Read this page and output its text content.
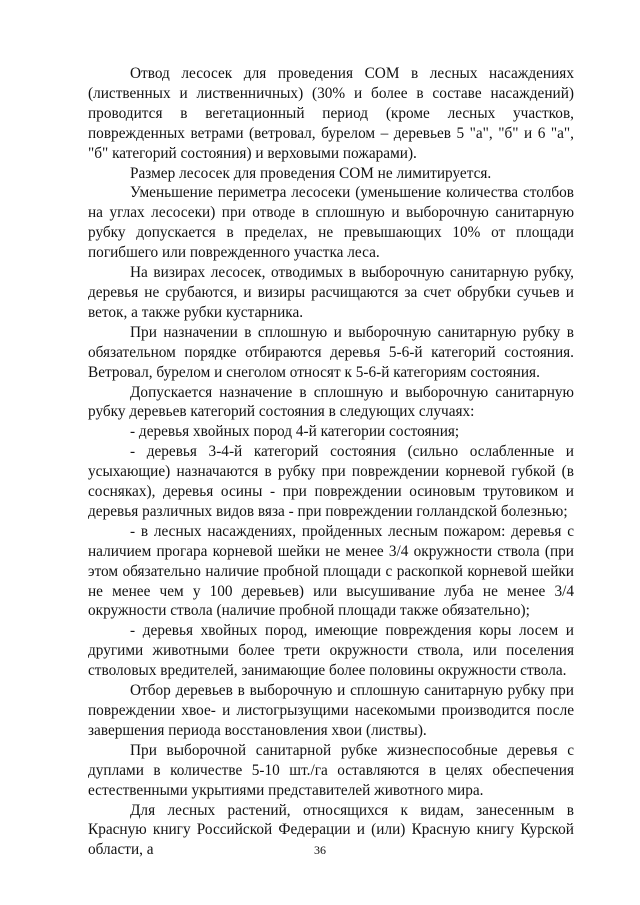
Отвод лесосек для проведения СОМ в лесных насаждениях (лиственных и лиственничных) (30% и более в составе насаждений) проводится в вегетационный период (кроме лесных участков, поврежденных ветрами (ветровал, бурелом – деревьев 5 "а", "б" и 6 "а", "б" категорий состояния) и верховыми пожарами).

Размер лесосек для проведения СОМ не лимитируется.

Уменьшение периметра лесосеки (уменьшение количества столбов на углах лесосеки) при отводе в сплошную и выборочную санитарную рубку допускается в пределах, не превышающих 10% от площади погибшего или поврежденного участка леса.

На визирах лесосек, отводимых в выборочную санитарную рубку, деревья не срубаются, и визиры расчищаются за счет обрубки сучьев и веток, а также рубки кустарника.

При назначении в сплошную и выборочную санитарную рубку в обязательном порядке отбираются деревья 5-6-й категорий состояния. Ветровал, бурелом и снеголом относят к 5-6-й категориям состояния.

Допускается назначение в сплошную и выборочную санитарную рубку деревьев категорий состояния в следующих случаях:

- деревья хвойных пород 4-й категории состояния;

- деревья 3-4-й категорий состояния (сильно ослабленные и усыхающие) назначаются в рубку при повреждении корневой губкой (в сосняках), деревья осины - при повреждении осиновым трутовиком и деревья различных видов вяза - при повреждении голландской болезнью;

- в лесных насаждениях, пройденных лесным пожаром: деревья с наличием прогара корневой шейки не менее 3/4 окружности ствола (при этом обязательно наличие пробной площади с раскопкой корневой шейки не менее чем у 100 деревьев) или высушивание луба не менее 3/4 окружности ствола (наличие пробной площади также обязательно);

- деревья хвойных пород, имеющие повреждения коры лосем и другими животными более трети окружности ствола, или поселения стволовых вредителей, занимающие более половины окружности ствола.

Отбор деревьев в выборочную и сплошную санитарную рубку при повреждении хвое- и листогрызущими насекомыми производится после завершения периода восстановления хвои (листвы).

При выборочной санитарной рубке жизнеспособные деревья с дуплами в количестве 5-10 шт./га оставляются в целях обеспечения естественными укрытиями представителей животного мира.

Для лесных растений, относящихся к видам, занесенным в Красную книгу Российской Федерации и (или) Красную книгу Курской области, а	36
